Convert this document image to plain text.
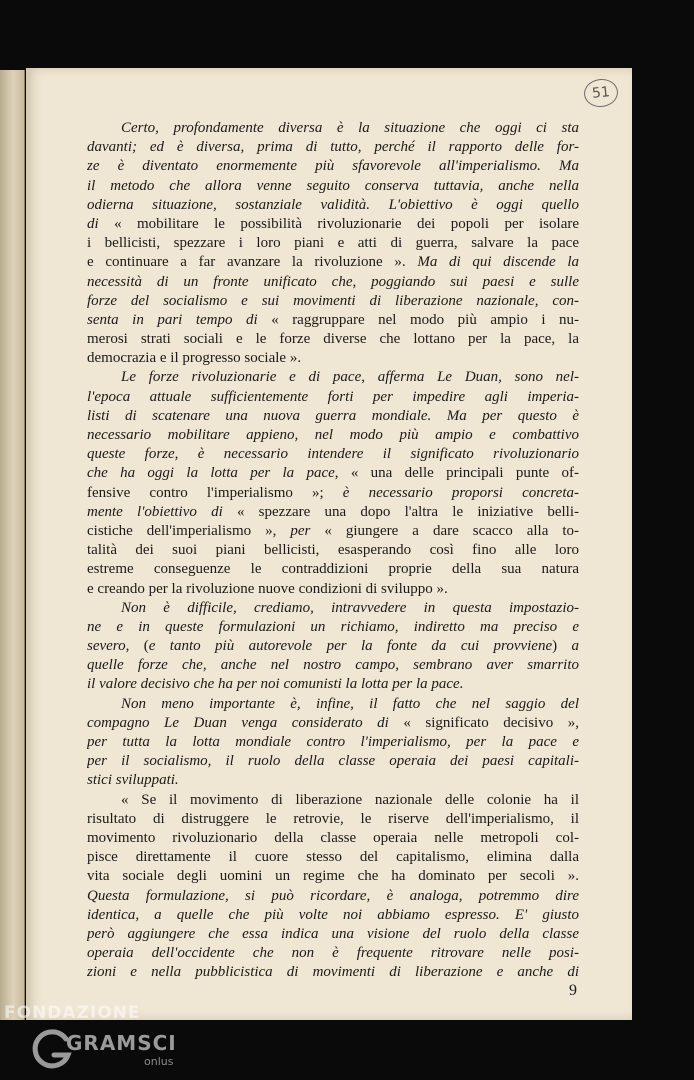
51
Certo, profondamente diversa è la situazione che oggi ci sta
davanti; ed è diversa, prima di tutto, perché il rapporto delle for-
ze è diventato enormemente più sfavorevole all'imperialismo. Ma
il metodo che allora venne seguito conserva tuttavia, anche nella
odierna situazione, sostanziale validità. L'obiettivo è oggi quello
di « mobilitare le possibilità rivoluzionarie dei popoli per isolare
i bellicisti, spezzare i loro piani e atti di guerra, salvare la pace
e continuare a far avanzare la rivoluzione ». Ma di qui discende la
necessità di un fronte unificato che, poggiando sui paesi e sulle
forze del socialismo e sui movimenti di liberazione nazionale, con-
senta in pari tempo di « raggruppare nel modo più ampio i nu-
merosi strati sociali e le forze diverse che lottano per la pace, la
democrazia e il progresso sociale ».
Le forze rivoluzionarie e di pace, afferma Le Duan, sono nel-
l'epoca attuale sufficientemente forti per impedire agli imperia-
listi di scatenare una nuova guerra mondiale. Ma per questo è
necessario mobilitare appieno, nel modo più ampio e combattivo
queste forze, è necessario intendere il significato rivoluzionario
che ha oggi la lotta per la pace, « una delle principali punte of-
fensive contro l'imperialismo »; è necessario proporsi concreta-
mente l'obiettivo di « spezzare una dopo l'altra le iniziative belli-
cistiche dell'imperialismo », per « giungere a dare scacco alla to-
talità dei suoi piani bellicisti, esasperando così fino alle loro
estreme conseguenze le contraddizioni proprie della sua natura
e creando per la rivoluzione nuove condizioni di sviluppo ».
Non è difficile, crediamo, intravvedere in questa impostazio-
ne e in queste formulazioni un richiamo, indiretto ma preciso e
severo, (e tanto più autorevole per la fonte da cui provviene) a
quelle forze che, anche nel nostro campo, sembrano aver smarrito
il valore decisivo che ha per noi comunisti la lotta per la pace.
Non meno importante è, infine, il fatto che nel saggio del
compagno Le Duan venga considerato di « significato decisivo »,
per tutta la lotta mondiale contro l'imperialismo, per la pace e
per il socialismo, il ruolo della classe operaia dei paesi capitali-
stici sviluppati.
« Se il movimento di liberazione nazionale delle colonie ha il
risultato di distruggere le retrovie, le riserve dell'imperialismo, il
movimento rivoluzionario della classe operaia nelle metropoli col-
pisce direttamente il cuore stesso del capitalismo, elimina dalla
vita sociale degli uomini un regime che ha dominato per secoli ».
Questa formulazione, si può ricordare, è analoga, potremmo dire
identica, a quelle che più volte noi abbiamo espresso. E' giusto
però aggiungere che essa indica una visione del ruolo della classe
operaia dell'occidente che non è frequente ritrovare nelle posi-
zioni e nella pubblicistica di movimenti di liberazione e anche di
9
FONDAZIONE
GRAMSCI
onlus
